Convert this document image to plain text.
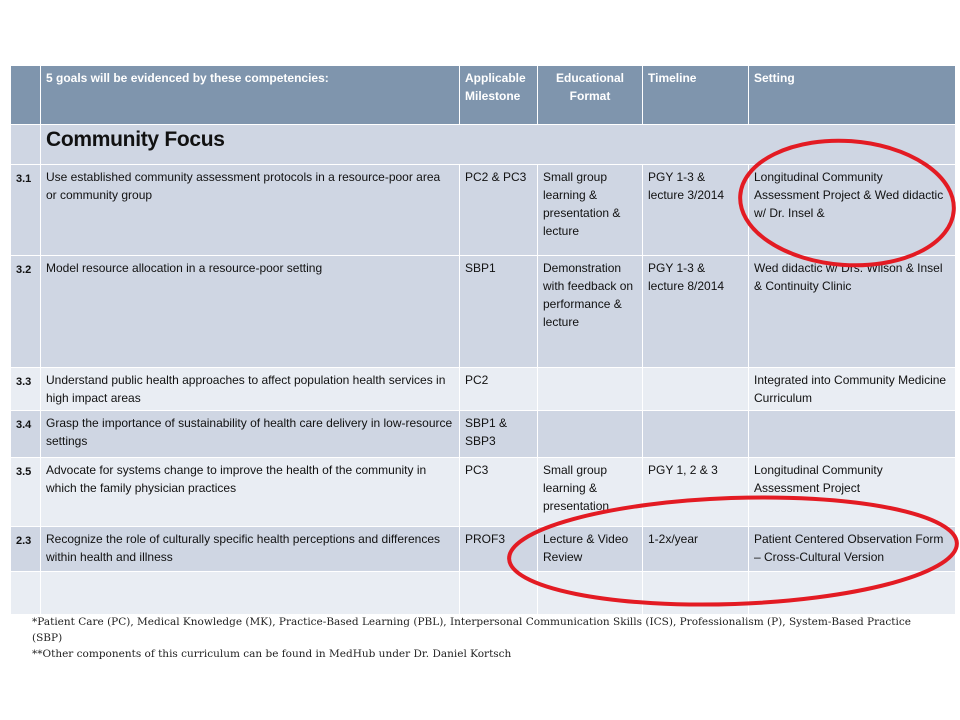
	5 goals will be evidenced by these competencies:	Applicable Milestone	Educational Format	Timeline	Setting
	Community Focus				
3.1	Use established community assessment protocols in a resource-poor area or community group	PC2 & PC3	Small group learning & presentation & lecture	PGY 1-3 & lecture 3/2014	Longitudinal Community Assessment Project & Wed didactic w/ Dr. Insel &
3.2	Model resource allocation in a resource-poor setting	SBP1	Demonstration with feedback on performance & lecture	PGY 1-3 & lecture 8/2014	Wed didactic w/ Drs. Wilson & Insel & Continuity Clinic
3.3	Understand public health approaches to affect population health services in high impact areas	PC2			Integrated into Community Medicine Curriculum
3.4	Grasp the importance of sustainability of health care delivery in low-resource settings	SBP1 & SBP3			
3.5	Advocate for systems change to improve the health of the community in which the family physician practices	PC3	Small group learning & presentation	PGY 1, 2 & 3	Longitudinal Community Assessment Project
2.3	Recognize the role of culturally specific health perceptions and differences within health and illness	PROF3	Lecture & Video Review	1-2x/year	Patient Centered Observation Form – Cross-Cultural Version

*Patient Care (PC), Medical Knowledge (MK), Practice-Based Learning (PBL), Interpersonal Communication Skills (ICS), Professionalism (P), System-Based Practice (SBP)
**Other components of this curriculum can be found in MedHub under Dr. Daniel Kortsch
